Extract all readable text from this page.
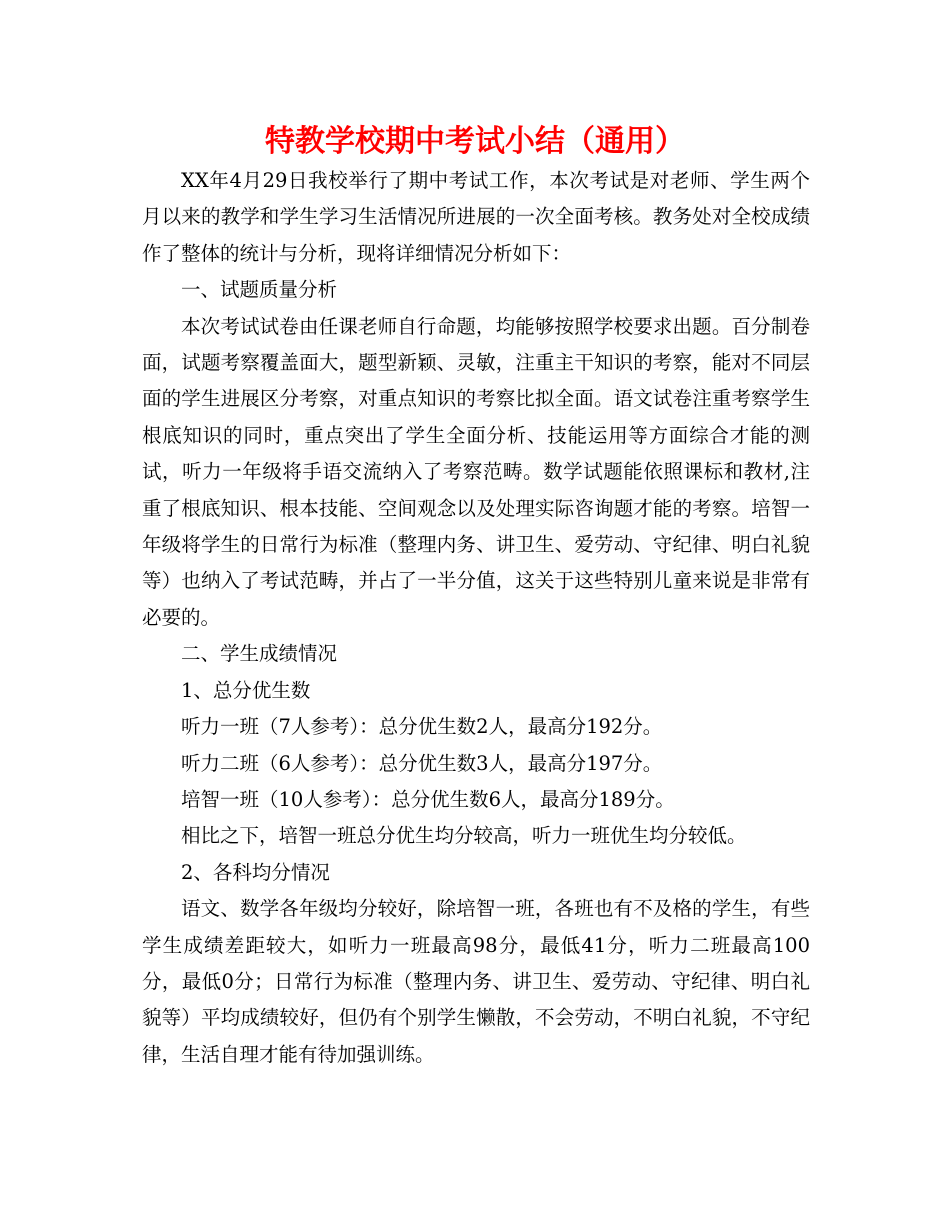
特教学校期中考试小结（通用）

XX年4月29日我校举行了期中考试工作，本次考试是对老师、学生两个月以来的教学和学生学习生活情况所进展的一次全面考核。教务处对全校成绩作了整体的统计与分析，现将详细情况分析如下：

一、试题质量分析

本次考试试卷由任课老师自行命题，均能够按照学校要求出题。百分制卷面，试题考察覆盖面大，题型新颖、灵敏，注重主干知识的考察，能对不同层面的学生进展区分考察，对重点知识的考察比拟全面。语文试卷注重考察学生根底知识的同时，重点突出了学生全面分析、技能运用等方面综合才能的测试，听力一年级将手语交流纳入了考察范畴。数学试题能依照课标和教材,注重了根底知识、根本技能、空间观念以及处理实际咨询题才能的考察。培智一年级将学生的日常行为标准（整理内务、讲卫生、爱劳动、守纪律、明白礼貌等）也纳入了考试范畴，并占了一半分值，这关于这些特别儿童来说是非常有必要的。

二、学生成绩情况

1、总分优生数

听力一班（7人参考）：总分优生数2人，最高分192分。

听力二班（6人参考）：总分优生数3人，最高分197分。

培智一班（10人参考）：总分优生数6人，最高分189分。

相比之下，培智一班总分优生均分较高，听力一班优生均分较低。

2、各科均分情况

语文、数学各年级均分较好，除培智一班，各班也有不及格的学生，有些学生成绩差距较大，如听力一班最高98分，最低41分，听力二班最高100分，最低0分；日常行为标准（整理内务、讲卫生、爱劳动、守纪律、明白礼貌等）平均成绩较好，但仍有个别学生懒散，不会劳动，不明白礼貌，不守纪律，生活自理才能有待加强训练。
